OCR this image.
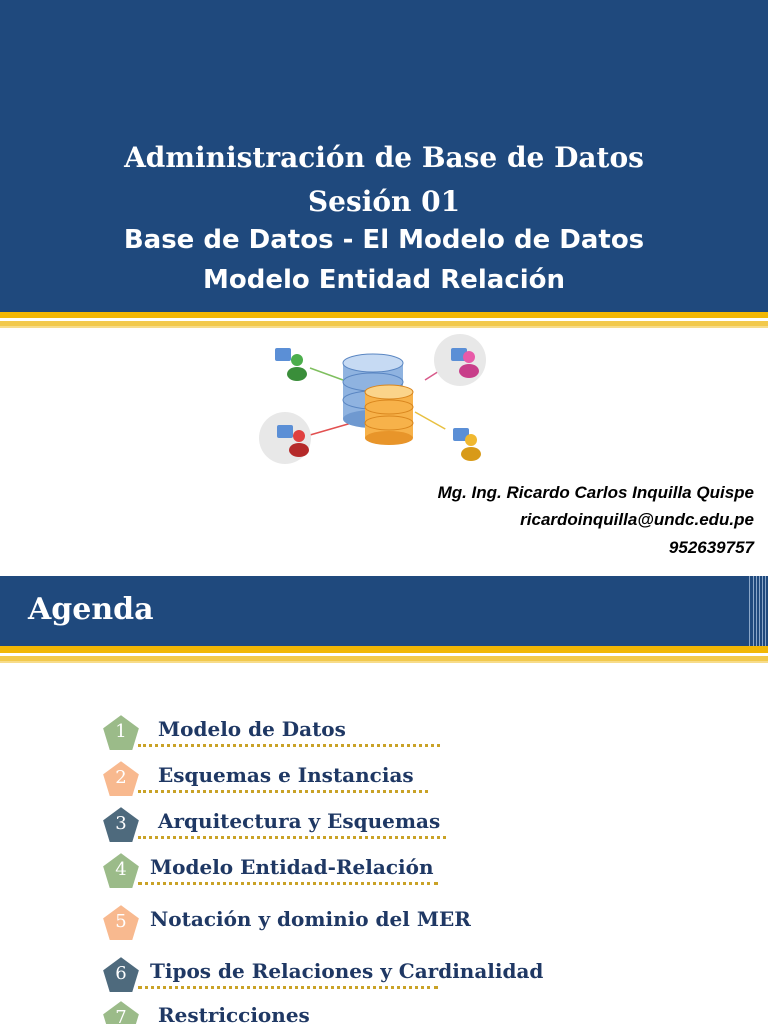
Administración de Base de Datos
Sesión 01
Base de Datos - El Modelo de Datos
Modelo Entidad Relación
Mg. Ing. Ricardo Carlos Inquilla Quispe
ricardoinquilla@undc.edu.pe
952639757
Agenda
1	Modelo de Datos
2	Esquemas e Instancias
3	Arquitectura y Esquemas
4	Modelo Entidad-Relación
5	Notación y dominio del MER
6	Tipos de Relaciones y Cardinalidad
7	Restricciones
